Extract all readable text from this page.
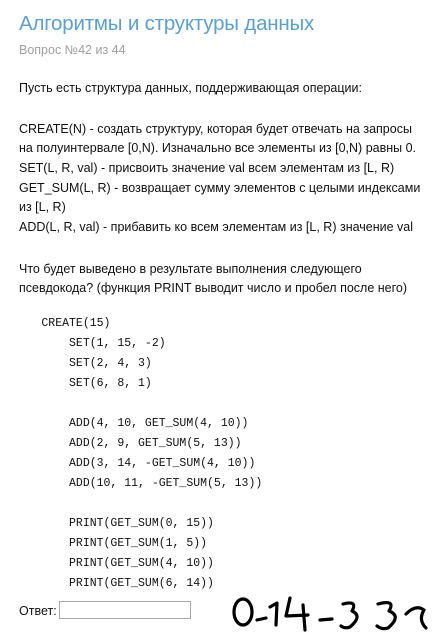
Алгоритмы и структуры данных
Вопрос №42 из 44
Пусть есть структура данных, поддерживающая операции:
CREATE(N) - создать структуру, которая будет отвечать на запросы
на полуинтервале [0,N). Изначально все элементы из [0,N) равны 0.
SET(L, R, val) - присвоить значение val всем элементам из [L, R)
GET_SUM(L, R) - возвращает сумму элементов с целыми индексами
из [L, R)
ADD(L, R, val) - прибавить ко всем элементам из [L, R) значение val
Что будет выведено в результате выполнения следующего
псевдокода? (функция PRINT выводит число и пробел после него)
CREATE(15)
SET(1, 15, -2)
SET(2, 4, 3)
SET(6, 8, 1)
ADD(4, 10, GET_SUM(4, 10))
ADD(2, 9, GET_SUM(5, 13))
ADD(3, 14, -GET_SUM(4, 10))
ADD(10, 11, -GET_SUM(5, 13))
PRINT(GET_SUM(0, 15))
PRINT(GET_SUM(1, 5))
PRINT(GET_SUM(4, 10))
PRINT(GET_SUM(6, 14))
Ответ:
